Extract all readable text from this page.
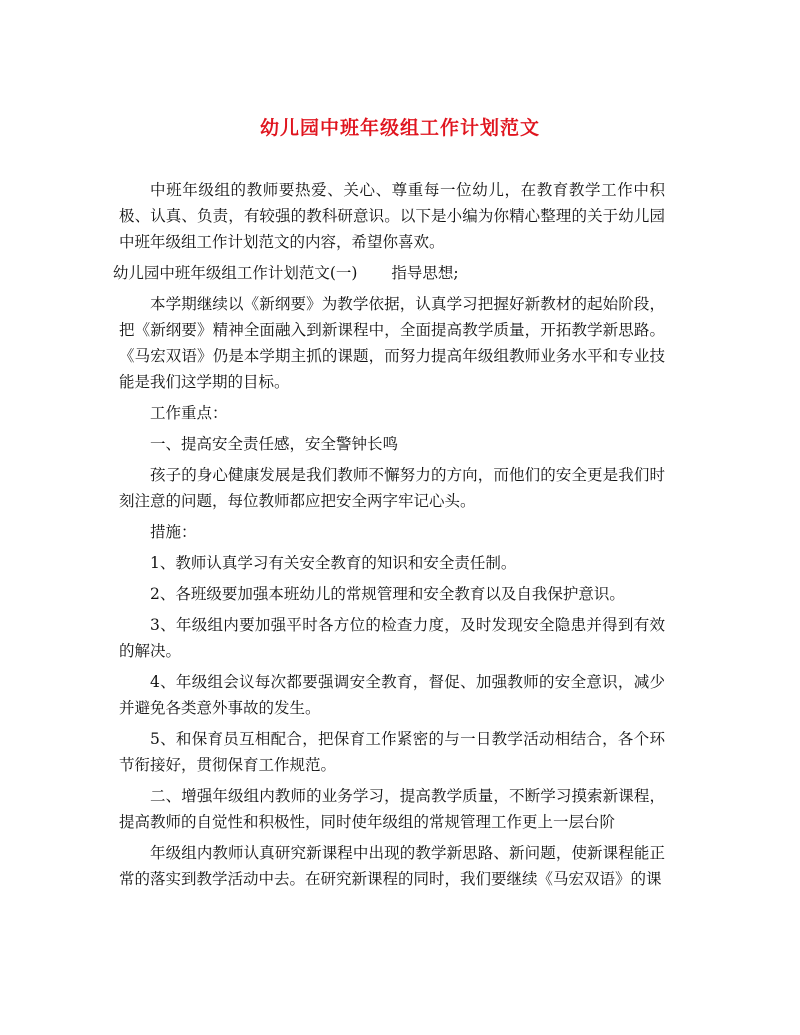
幼儿园中班年级组工作计划范文

中班年级组的教师要热爱、关心、尊重每一位幼儿，在教育教学工作中积极、认真、负责，有较强的教科研意识。以下是小编为你精心整理的关于幼儿园中班年级组工作计划范文的内容，希望你喜欢。

幼儿园中班年级组工作计划范文(一) 指导思想;

本学期继续以《新纲要》为教学依据，认真学习把握好新教材的起始阶段，把《新纲要》精神全面融入到新课程中，全面提高教学质量，开拓教学新思路。《马宏双语》仍是本学期主抓的课题，而努力提高年级组教师业务水平和专业技能是我们这学期的目标。

工作重点：

一、提高安全责任感，安全警钟长鸣

孩子的身心健康发展是我们教师不懈努力的方向，而他们的安全更是我们时刻注意的问题，每位教师都应把安全两字牢记心头。

措施：

1、教师认真学习有关安全教育的知识和安全责任制。

2、各班级要加强本班幼儿的常规管理和安全教育以及自我保护意识。

3、年级组内要加强平时各方位的检查力度，及时发现安全隐患并得到有效的解决。

4、年级组会议每次都要强调安全教育，督促、加强教师的安全意识，减少并避免各类意外事故的发生。

5、和保育员互相配合，把保育工作紧密的与一日教学活动相结合，各个环节衔接好，贯彻保育工作规范。

二、增强年级组内教师的业务学习，提高教学质量，不断学习摸索新课程，提高教师的自觉性和积极性，同时使年级组的常规管理工作更上一层台阶

年级组内教师认真研究新课程中出现的教学新思路、新问题，使新课程能正常的落实到教学活动中去。在研究新课程的同时，我们要继续《马宏双语》的课
